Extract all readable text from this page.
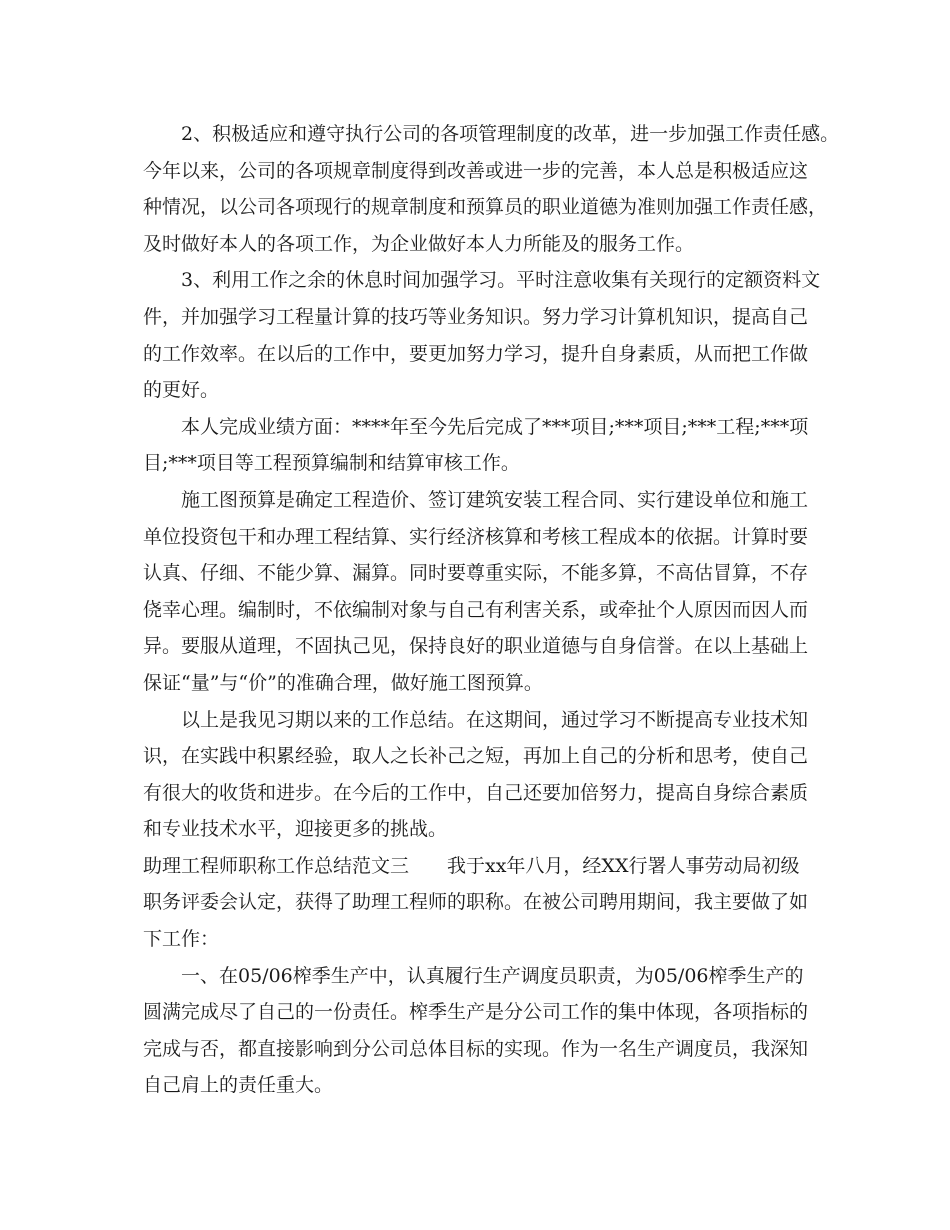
2、积极适应和遵守执行公司的各项管理制度的改革，进一步加强工作责任感。
今年以来，公司的各项规章制度得到改善或进一步的完善，本人总是积极适应这
种情况，以公司各项现行的规章制度和预算员的职业道德为准则加强工作责任感，
及时做好本人的各项工作，为企业做好本人力所能及的服务工作。
3、利用工作之余的休息时间加强学习。平时注意收集有关现行的定额资料文
件，并加强学习工程量计算的技巧等业务知识。努力学习计算机知识，提高自己
的工作效率。在以后的工作中，要更加努力学习，提升自身素质，从而把工作做
的更好。
本人完成业绩方面：****年至今先后完成了***项目;***项目;***工程;***项
目;***项目等工程预算编制和结算审核工作。
施工图预算是确定工程造价、签订建筑安装工程合同、实行建设单位和施工
单位投资包干和办理工程结算、实行经济核算和考核工程成本的依据。计算时要
认真、仔细、不能少算、漏算。同时要尊重实际，不能多算，不高估冒算，不存
侥幸心理。编制时，不依编制对象与自己有利害关系，或牵扯个人原因而因人而
异。要服从道理，不固执己见，保持良好的职业道德与自身信誉。在以上基础上
保证“量”与“价”的准确合理，做好施工图预算。
以上是我见习期以来的工作总结。在这期间，通过学习不断提高专业技术知
识，在实践中积累经验，取人之长补己之短，再加上自己的分析和思考，使自己
有很大的收货和进步。在今后的工作中，自己还要加倍努力，提高自身综合素质
和专业技术水平，迎接更多的挑战。
助理工程师职称工作总结范文三　　我于xx年八月，经XX行署人事劳动局初级
职务评委会认定，获得了助理工程师的职称。在被公司聘用期间，我主要做了如
下工作：
一、在05/06榨季生产中，认真履行生产调度员职责，为05/06榨季生产的
圆满完成尽了自己的一份责任。榨季生产是分公司工作的集中体现，各项指标的
完成与否，都直接影响到分公司总体目标的实现。作为一名生产调度员，我深知
自己肩上的责任重大。
